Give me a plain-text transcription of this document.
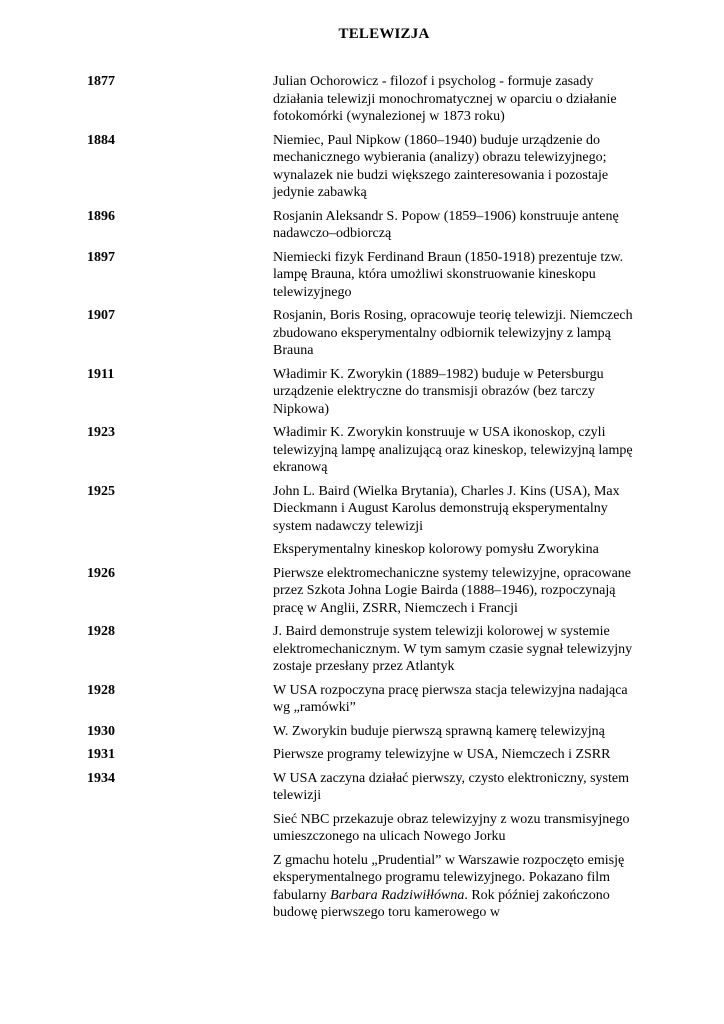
TELEWIZJA
1877	Julian Ochorowicz - filozof i psycholog - formuje zasady działania telewizji monochromatycznej w oparciu o działanie fotokomórki (wynalezionej w 1873 roku)
1884	Niemiec, Paul Nipkow (1860–1940) buduje urządzenie do mechanicznego wybierania (analizy) obrazu telewizyjnego; wynalazek nie budzi większego zainteresowania i pozostaje jedynie zabawką
1896	Rosjanin Aleksandr S. Popow (1859–1906) konstruuje antenę nadawczo–odbiorczą
1897	Niemiecki fizyk Ferdinand Braun (1850-1918) prezentuje tzw. lampę Brauna, która umożliwi skonstruowanie kineskopu telewizyjnego
1907	Rosjanin, Boris Rosing, opracowuje teorię telewizji. Niemczech zbudowano eksperymentalny odbiornik telewizyjny z lampą Brauna
1911	Władimir K. Zworykin (1889–1982) buduje w Petersburgu urządzenie elektryczne do transmisji obrazów (bez tarczy Nipkowa)
1923	Władimir K. Zworykin konstruuje w USA ikonoskop, czyli telewizyjną lampę analizującą oraz kineskop, telewizyjną lampę ekranową
1925	John L. Baird (Wielka Brytania), Charles J. Kins (USA), Max Dieckmann i August Karolus demonstrują eksperymentalny system nadawczy telewizji
Eksperymentalny kineskop kolorowy pomysłu Zworykina
1926	Pierwsze elektromechaniczne systemy telewizyjne, opracowane przez Szkota Johna Logie Bairda (1888–1946), rozpoczynają pracę w Anglii, ZSRR, Niemczech i Francji
1928	J. Baird demonstruje system telewizji kolorowej w systemie elektromechanicznym. W tym samym czasie sygnał telewizyjny zostaje przesłany przez Atlantyk
1928	W USA rozpoczyna pracę pierwsza stacja telewizyjna nadająca wg „ramówki”
1930	W. Zworykin buduje pierwszą sprawną kamerę telewizyjną
1931	Pierwsze programy telewizyjne w USA, Niemczech i ZSRR
1934	W USA zaczyna działać pierwszy, czysto elektroniczny, system telewizji
Sieć NBC przekazuje obraz telewizyjny z wozu transmisyjnego umieszczonego na ulicach Nowego Jorku
Z gmachu hotelu „Prudential” w Warszawie rozpoczęto emisję eksperymentalnego programu telewizyjnego. Pokazano film fabularny Barbara Radziwiłłówna. Rok później zakończono budowę pierwszego toru kamerowego w
